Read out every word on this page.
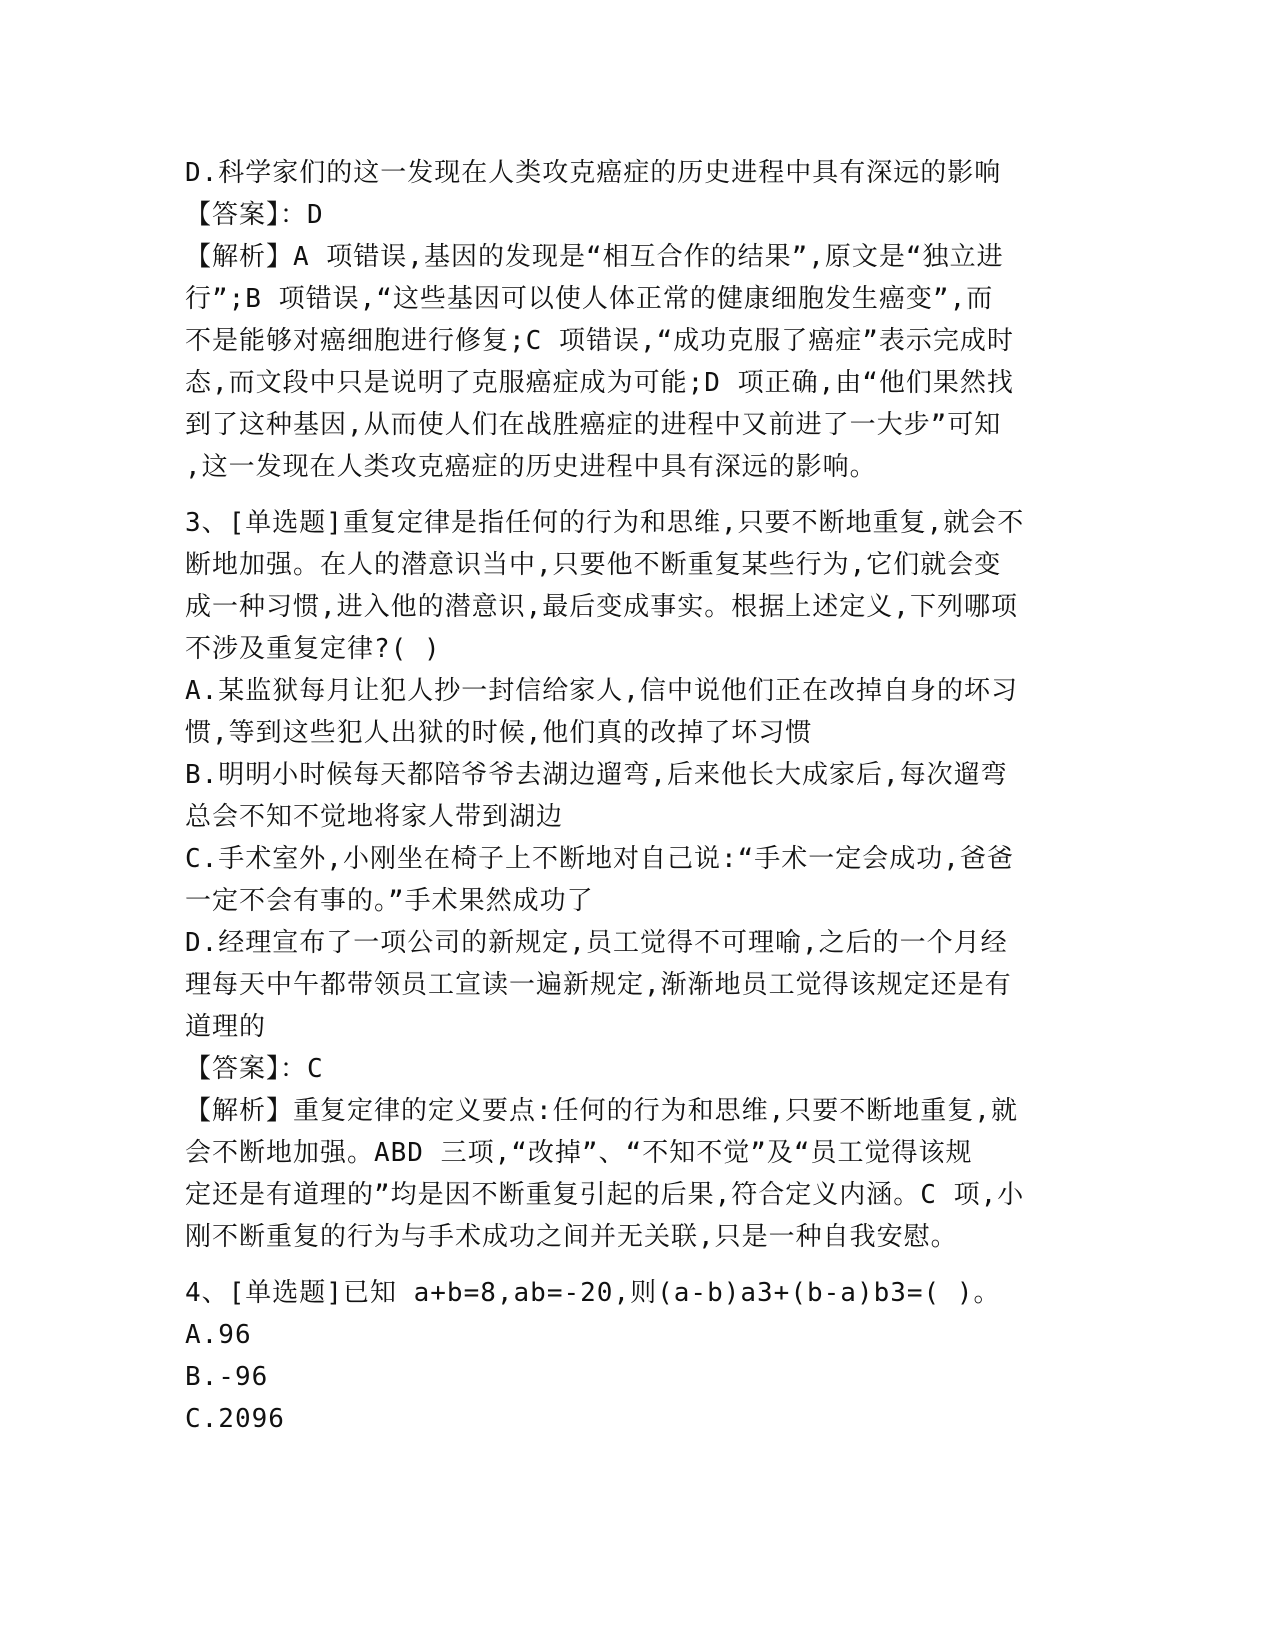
D.科学家们的这一发现在人类攻克癌症的历史进程中具有深远的影响
【答案】：D
【解析】A 项错误,基因的发现是“相互合作的结果”,原文是“独立进
行”;B 项错误,“这些基因可以使人体正常的健康细胞发生癌变”,而
不是能够对癌细胞进行修复;C 项错误,“成功克服了癌症”表示完成时
态,而文段中只是说明了克服癌症成为可能;D 项正确,由“他们果然找
到了这种基因,从而使人们在战胜癌症的进程中又前进了一大步”可知
,这一发现在人类攻克癌症的历史进程中具有深远的影响。
3、[单选题]重复定律是指任何的行为和思维,只要不断地重复,就会不
断地加强。在人的潜意识当中,只要他不断重复某些行为,它们就会变
成一种习惯,进入他的潜意识,最后变成事实。根据上述定义,下列哪项
不涉及重复定律?( )
A.某监狱每月让犯人抄一封信给家人,信中说他们正在改掉自身的坏习
惯,等到这些犯人出狱的时候,他们真的改掉了坏习惯
B.明明小时候每天都陪爷爷去湖边遛弯,后来他长大成家后,每次遛弯
总会不知不觉地将家人带到湖边
C.手术室外,小刚坐在椅子上不断地对自己说:“手术一定会成功,爸爸
一定不会有事的。”手术果然成功了
D.经理宣布了一项公司的新规定,员工觉得不可理喻,之后的一个月经
理每天中午都带领员工宣读一遍新规定,渐渐地员工觉得该规定还是有
道理的
【答案】：C
【解析】重复定律的定义要点:任何的行为和思维,只要不断地重复,就
会不断地加强。ABD 三项,“改掉”、“不知不觉”及“员工觉得该规
定还是有道理的”均是因不断重复引起的后果,符合定义内涵。C 项,小
刚不断重复的行为与手术成功之间并无关联,只是一种自我安慰。
4、[单选题]已知 a+b=8,ab=-20,则(a-b)a3+(b-a)b3=( )。
A.96
B.-96
C.2096
